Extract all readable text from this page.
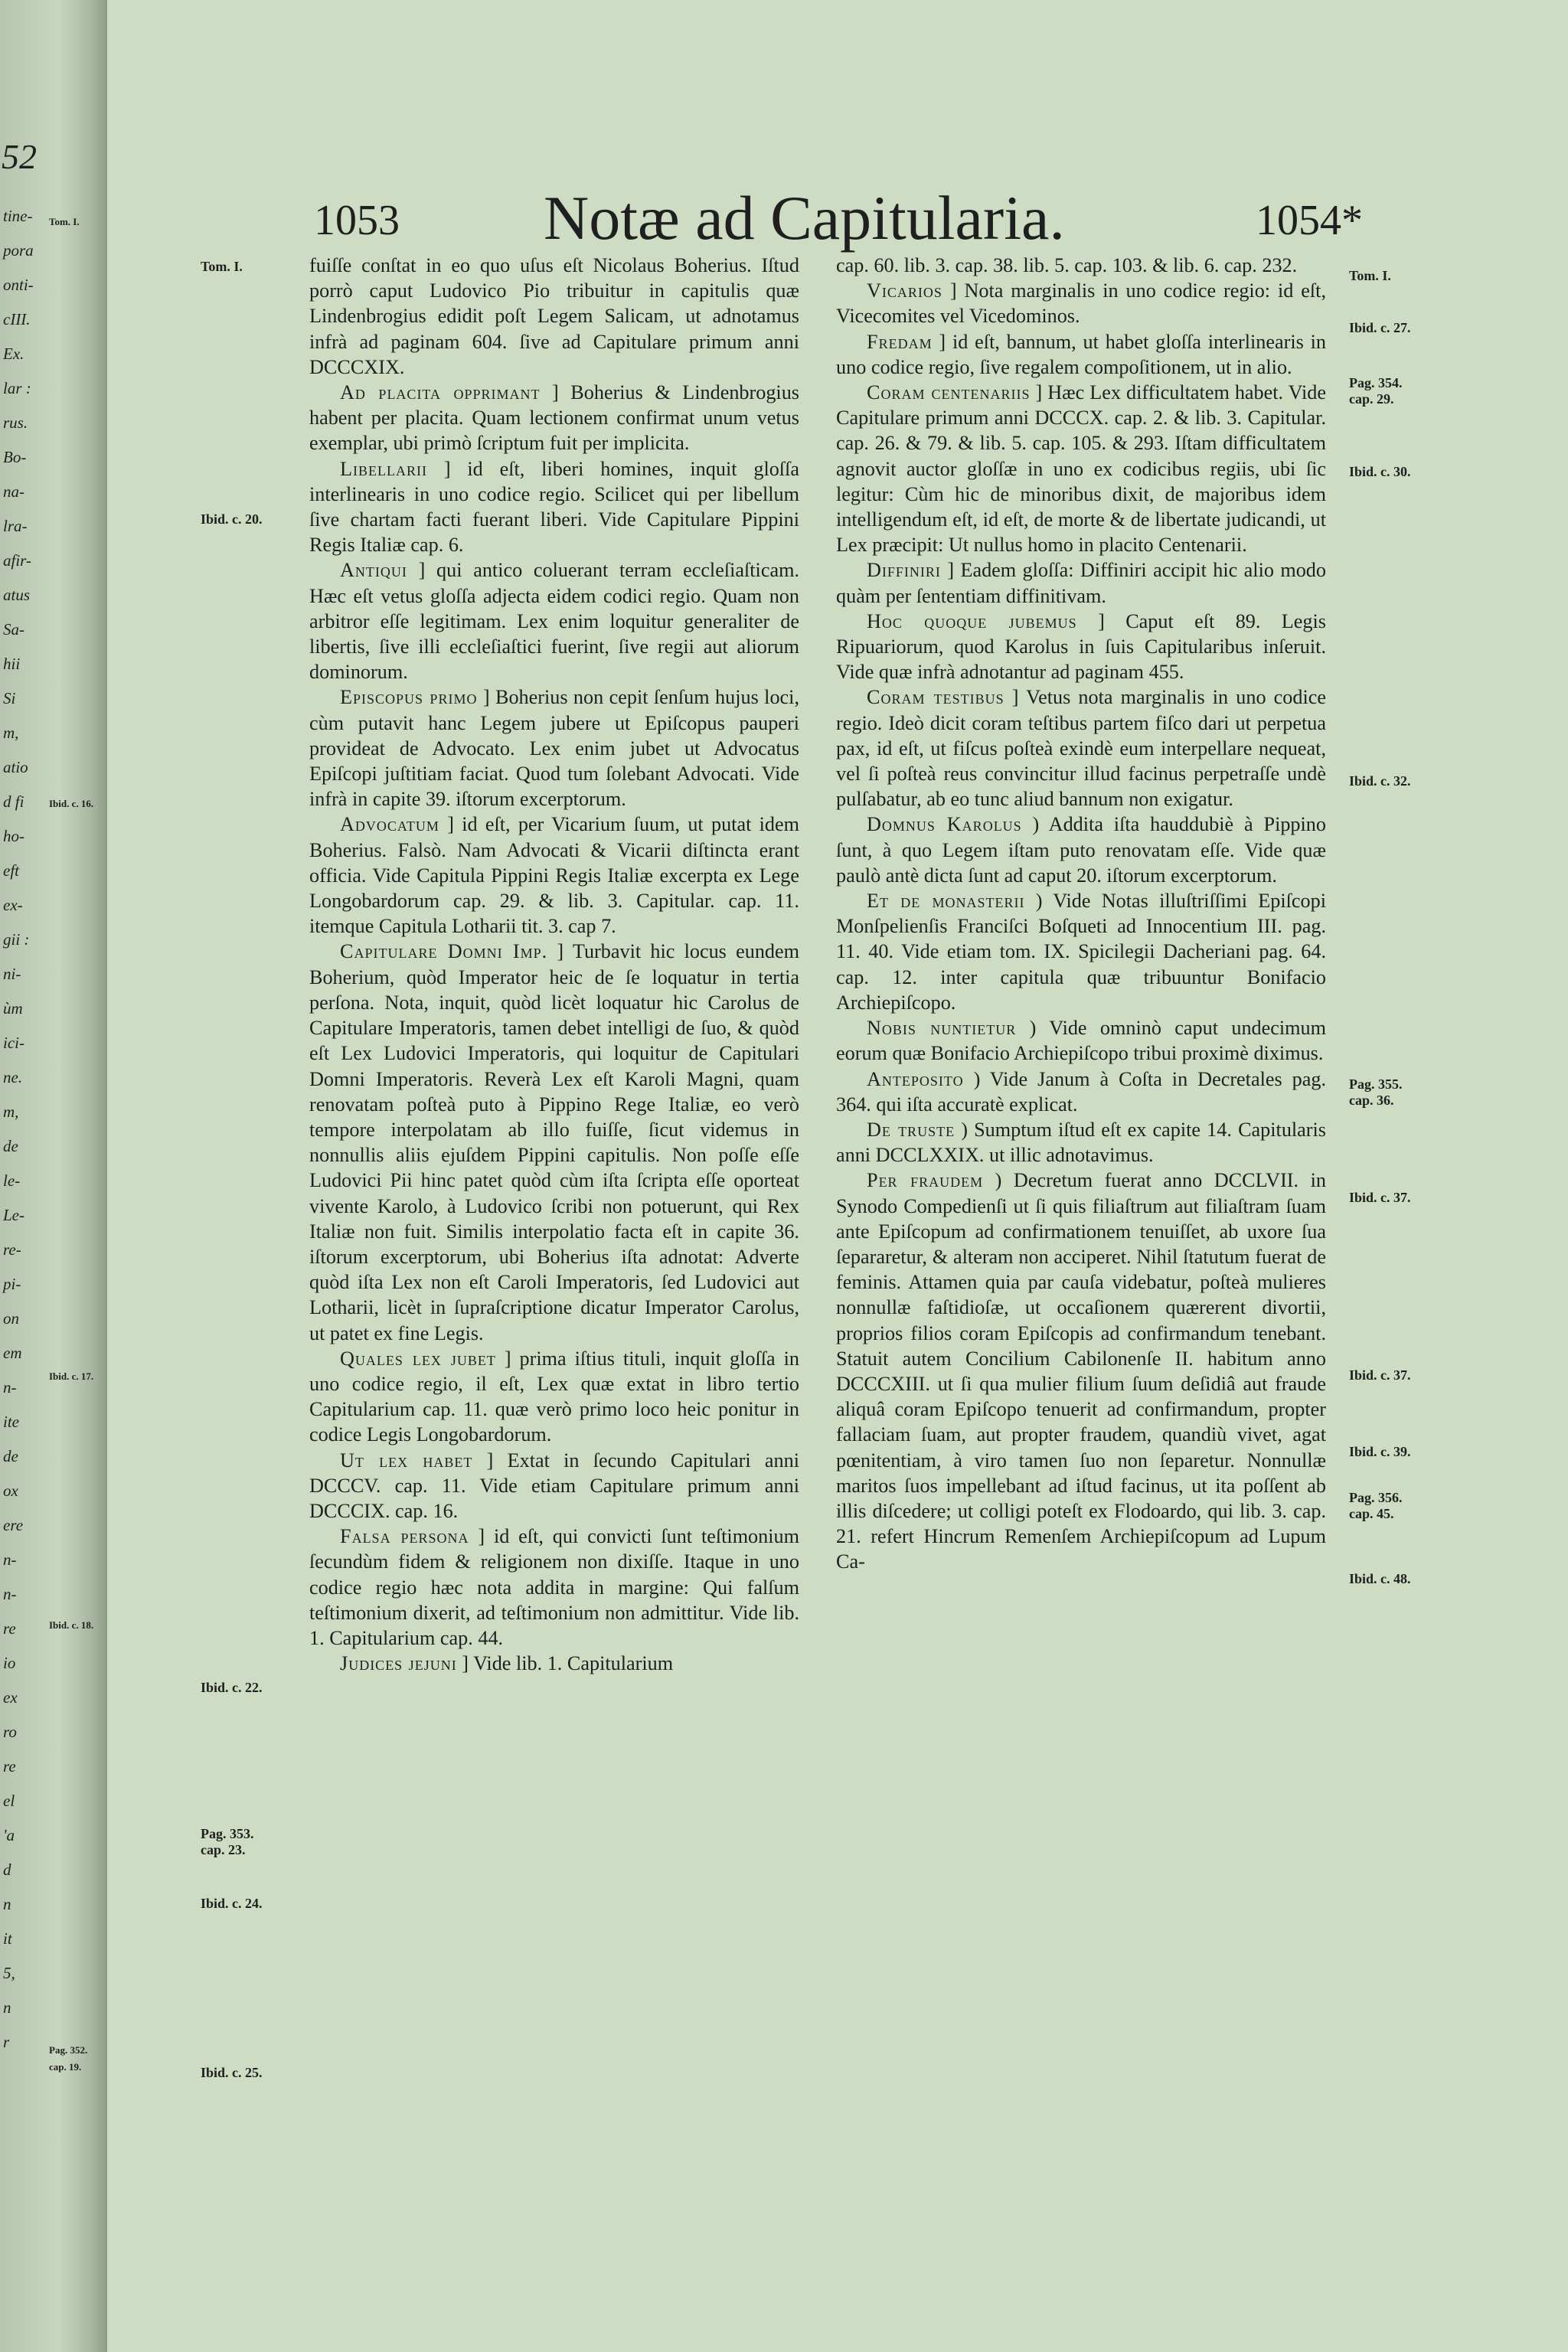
52
tine-
pora
onti-
cIII.
Ex.
lar :
rus.
Bo-
na-
lra-
afir-
atus
Sa-
hii
Si
m,
atio
d fi
ho-
eft
ex-
gii :
ni-
ùm
ici-
ne.
m,
de
le-
Le-
re-
pi-
on
em
n-
ite
de
ox
ere
n-
n-
re
io
ex
ro
re
el
'a
d
n
it
5,
n
r
Tom. I.
Ibid. c. 16.
Ibid. c. 17.
Ibid. c. 18.
Pag. 352.
cap. 19.
1053 Notæ ad Capitularia.	1054*
Tom. I.
Ibid. c. 20.
Ibid. c. 22.
Pag. 353.
cap. 23.
Ibid. c. 24.
Ibid. c. 25.
Tom. I.
Ibid. c. 27.
Pag. 354.
cap. 29.
Ibid. c. 30.
Ibid. c. 32.
Pag. 355.
cap. 36.
Ibid. c. 37.
Ibid. c. 37.
Ibid. c. 39.
Pag. 356.
cap. 45.
Ibid. c. 48.

fuiſſe conſtat in eo quo uſus eſt Nicolaus Boherius. Iſtud porrò caput Ludovico Pio tribuitur in capitulis quæ Lindenbrogius edidit poſt Legem Salicam, ut adnotamus infrà ad paginam 604. ſive ad Capitulare primum anni DCCCXIX.

Ad placita opprimant ] Boherius & Lindenbrogius habent per placita. Quam lectionem confirmat unum vetus exemplar, ubi primò ſcriptum fuit per implicita.

Libellarii ] id eſt, liberi homines, inquit gloſſa interlinearis in uno codice regio. Scilicet qui per libellum ſive chartam facti fuerant liberi. Vide Capitulare Pippini Regis Italiæ cap. 6.

Antiqui ] qui antico coluerant terram eccleſiaſticam. Hæc eſt vetus gloſſa adjecta eidem codici regio. Quam non arbitror eſſe legitimam. Lex enim loquitur generaliter de libertis, ſive illi eccleſiaſtici fuerint, ſive regii aut aliorum dominorum.

Episcopus primo ] Boherius non cepit ſenſum hujus loci, cùm putavit hanc Legem jubere ut Epiſcopus pauperi provideat de Advocato. Lex enim jubet ut Advocatus Epiſcopi juſtitiam faciat. Quod tum ſolebant Advocati. Vide infrà in capite 39. iſtorum excerptorum.

Advocatum ] id eſt, per Vicarium ſuum, ut putat idem Boherius. Falsò. Nam Advocati & Vicarii diſtincta erant officia. Vide Capitula Pippini Regis Italiæ excerpta ex Lege Longobardorum cap. 29. & lib. 3. Capitular. cap. 11. itemque Capitula Lotharii tit. 3. cap 7.

Capitulare Domni Imp. ] Turbavit hic locus eundem Boherium, quòd Imperator heic de ſe loquatur in tertia perſona. Nota, inquit, quòd licèt loquatur hic Carolus de Capitulare Imperatoris, tamen debet intelligi de ſuo, & quòd eſt Lex Ludovici Imperatoris, qui loquitur de Capitulari Domni Imperatoris. Reverà Lex eſt Karoli Magni, quam renovatam poſteà puto à Pippino Rege Italiæ, eo verò tempore interpolatam ab illo fuiſſe, ſicut videmus in nonnullis aliis ejuſdem Pippini capitulis. Non poſſe eſſe Ludovici Pii hinc patet quòd cùm iſta ſcripta eſſe oporteat vivente Karolo, à Ludovico ſcribi non potuerunt, qui Rex Italiæ non fuit. Similis interpolatio facta eſt in capite 36. iſtorum excerptorum, ubi Boherius iſta adnotat: Adverte quòd iſta Lex non eſt Caroli Imperatoris, ſed Ludovici aut Lotharii, licèt in ſupraſcriptione dicatur Imperator Carolus, ut patet ex fine Legis.

Quales lex jubet ] prima iſtius tituli, inquit gloſſa in uno codice regio, il eſt, Lex quæ extat in libro tertio Capitularium cap. 11. quæ verò primo loco heic ponitur in codice Legis Longobardorum.

Ut lex habet ] Extat in ſecundo Capitulari anni DCCCV. cap. 11. Vide etiam Capitulare primum anni DCCCIX. cap. 16.

Falsa persona ] id eſt, qui convicti ſunt teſtimonium ſecundùm fidem & religionem non dixiſſe. Itaque in uno codice regio hæc nota addita in margine: Qui falſum teſtimonium dixerit, ad teſtimonium non admittitur. Vide lib. 1. Capitularium cap. 44.

Judices jejuni ] Vide lib. 1. Capitularium

cap. 60. lib. 3. cap. 38. lib. 5. cap. 103. & lib. 6. cap. 232.

Vicarios ] Nota marginalis in uno codice regio: id eſt, Vicecomites vel Vicedominos.

Fredam ] id eſt, bannum, ut habet gloſſa interlinearis in uno codice regio, ſive regalem compoſitionem, ut in alio.

Coram centenariis ] Hæc Lex difficultatem habet. Vide Capitulare primum anni DCCCX. cap. 2. & lib. 3. Capitular. cap. 26. & 79. & lib. 5. cap. 105. & 293. Iſtam difficultatem agnovit auctor gloſſæ in uno ex codicibus regiis, ubi ſic legitur: Cùm hic de minoribus dixit, de majoribus idem intelligendum eſt, id eſt, de morte & de libertate judicandi, ut Lex præcipit: Ut nullus homo in placito Centenarii.

Diffiniri ] Eadem gloſſa: Diffiniri accipit hic alio modo quàm per ſententiam diffinitivam.

Hoc quoque jubemus ] Caput eſt 89. Legis Ripuariorum, quod Karolus in ſuis Capitularibus inſeruit. Vide quæ infrà adnotantur ad paginam 455.

Coram testibus ] Vetus nota marginalis in uno codice regio. Ideò dicit coram teſtibus partem fiſco dari ut perpetua pax, id eſt, ut fiſcus poſteà exindè eum interpellare nequeat, vel ſi poſteà reus convincitur illud facinus perpetraſſe undè pulſabatur, ab eo tunc aliud bannum non exigatur.

Domnus Karolus ) Addita iſta hauddubiè à Pippino ſunt, à quo Legem iſtam puto renovatam eſſe. Vide quæ paulò antè dicta ſunt ad caput 20. iſtorum excerptorum.

Et de monasterii ) Vide Notas illuſtriſſimi Epiſcopi Monſpelienſis Franciſci Boſqueti ad Innocentium III. pag. 11. 40. Vide etiam tom. IX. Spicilegii Dacheriani pag. 64. cap. 12. inter capitula quæ tribuuntur Bonifacio Archiepiſcopo.

Nobis nuntietur ) Vide omninò caput undecimum eorum quæ Bonifacio Archiepiſcopo tribui proximè diximus.

Anteposito ) Vide Janum à Coſta in Decretales pag. 364. qui iſta accuratè explicat.

De truste ) Sumptum iſtud eſt ex capite 14. Capitularis anni DCCLXXIX. ut illic adnotavimus.

Per fraudem ) Decretum fuerat anno DCCLVII. in Synodo Compedienſi ut ſi quis filiaſtrum aut filiaſtram ſuam ante Epiſcopum ad confirmationem tenuiſſet, ab uxore ſua ſepararetur, & alteram non acciperet. Nihil ſtatutum fuerat de feminis. Attamen quia par cauſa videbatur, poſteà mulieres nonnullæ faſtidioſæ, ut occaſionem quærerent divortii, proprios filios coram Epiſcopis ad confirmandum tenebant. Statuit autem Concilium Cabilonenſe II. habitum anno DCCCXIII. ut ſi qua mulier filium ſuum deſidiâ aut fraude aliquâ coram Epiſcopo tenuerit ad confirmandum, propter fallaciam ſuam, aut propter fraudem, quandiù vivet, agat pœnitentiam, à viro tamen ſuo non ſeparetur. Nonnullæ maritos ſuos impellebant ad iſtud facinus, ut ita poſſent ab illis diſcedere; ut colligi poteſt ex Flodoardo, qui lib. 3. cap. 21. refert Hincrum Remenſem Archiepiſcopum ad Lupum Ca-
